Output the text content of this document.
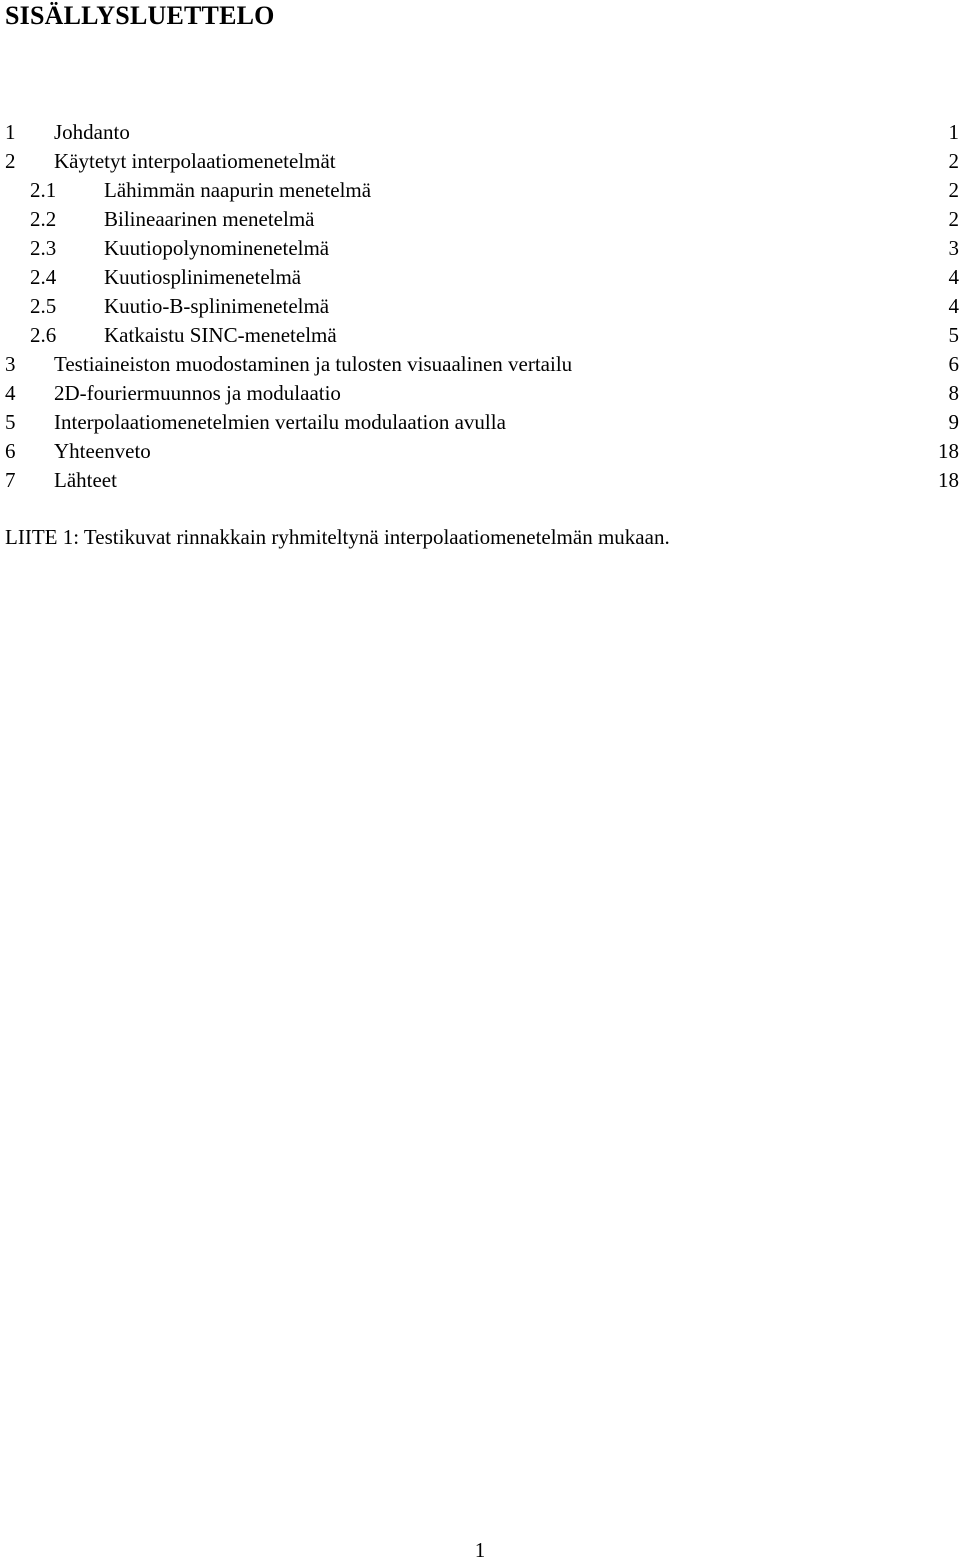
SISÄLLYSLUETTELO
1 Johdanto	1
2 Käytetyt interpolaatiomenetelmät	2
2.1 Lähimmän naapurin menetelmä	2
2.2 Bilineaarinen menetelmä	2
2.3 Kuutiopolynominenetelmä	3
2.4 Kuutiosplinimenetelmä	4
2.5 Kuutio-B-splinimenetelmä	4
2.6 Katkaistu SINC-menetelmä	5
3 Testiaineiston muodostaminen ja tulosten visuaalinen vertailu	6
4 2D-fouriermuunnos ja modulaatio	8
5 Interpolaatiomenetelmien vertailu modulaation avulla	9
6 Yhteenveto	18
7 Lähteet	18
LIITE 1: Testikuvat rinnakkain ryhmiteltynä interpolaatiomenetelmän mukaan.
1
